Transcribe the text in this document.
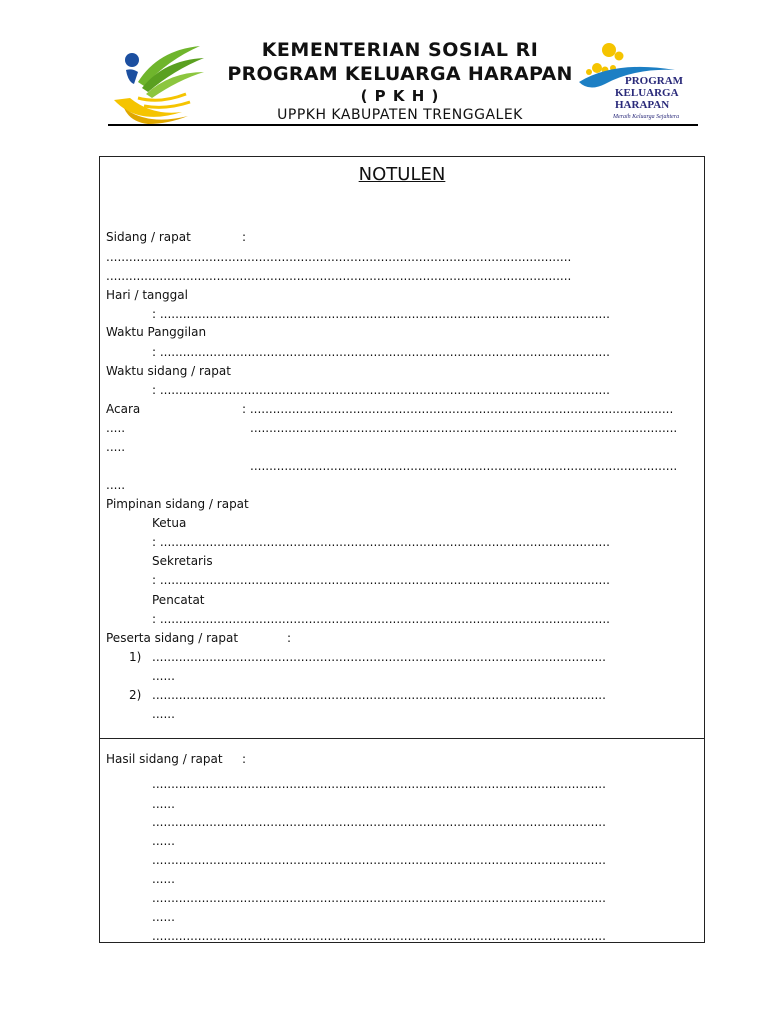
KEMENTERIAN SOSIAL RI
PROGRAM KELUARGA HARAPAN
( P K H )
UPPKH KABUPATEN TRENGGALEK
PROGRAM
KELUARGA
HARAPAN
Meraih Keluarga Sejahtera
NOTULEN
Sidang / rapat	:
..........................................................................................................................
..........................................................................................................................
Hari / tanggal
: ......................................................................................................................
Waktu Panggilan
: ......................................................................................................................
Waktu sidang / rapat
: ......................................................................................................................
Acara	: ...............................................................................................................
.....	................................................................................................................
.....
................................................................................................................
.....
Pimpinan sidang / rapat
Ketua
: ......................................................................................................................
Sekretaris
: ......................................................................................................................
Pencatat
: ......................................................................................................................
Peserta sidang / rapat	:
1) .......................................................................................................................
......
2) .......................................................................................................................
......
Hasil sidang / rapat :
.......................................................................................................................
......
.......................................................................................................................
......
.......................................................................................................................
......
.......................................................................................................................
......
.......................................................................................................................
